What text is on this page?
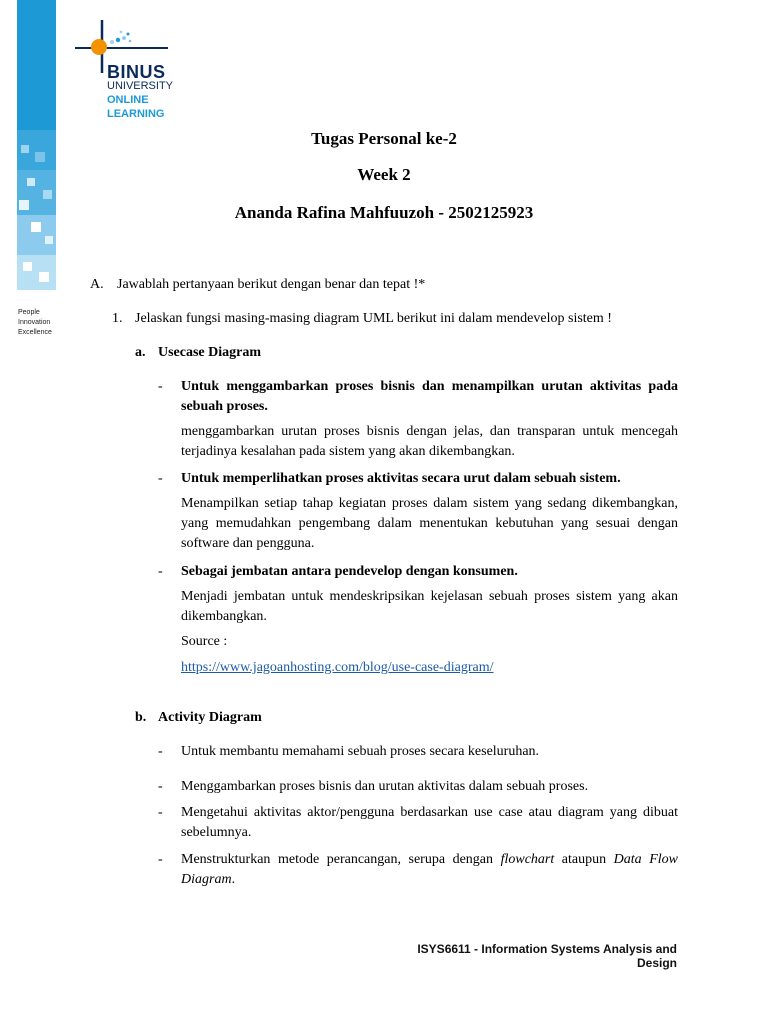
People
Innovation
Excellence
BINUS
UNIVERSITY
ONLINE
LEARNING
Tugas Personal ke-2
Week 2
Ananda Rafina Mahfuuzoh - 2502125923
A. Jawablah pertanyaan berikut dengan benar dan tepat !*
1. Jelaskan fungsi masing-masing diagram UML berikut ini dalam mendevelop sistem !
a. Usecase Diagram
- Untuk menggambarkan proses bisnis dan menampilkan urutan aktivitas pada sebuah proses.
menggambarkan urutan proses bisnis dengan jelas, dan transparan untuk mencegah terjadinya kesalahan pada sistem yang akan dikembangkan.
- Untuk memperlihatkan proses aktivitas secara urut dalam sebuah sistem.
Menampilkan setiap tahap kegiatan proses dalam sistem yang sedang dikembangkan, yang memudahkan pengembang dalam menentukan kebutuhan yang sesuai dengan software dan pengguna.
- Sebagai jembatan antara pendevelop dengan konsumen.
Menjadi jembatan untuk mendeskripsikan kejelasan sebuah proses sistem yang akan dikembangkan.
Source :
https://www.jagoanhosting.com/blog/use-case-diagram/
b. Activity Diagram
- Untuk membantu memahami sebuah proses secara keseluruhan.
- Menggambarkan proses bisnis dan urutan aktivitas dalam sebuah proses.
- Mengetahui aktivitas aktor/pengguna berdasarkan use case atau diagram yang dibuat sebelumnya.
- Menstrukturkan metode perancangan, serupa dengan flowchart ataupun Data Flow Diagram.
ISYS6611 - Information Systems Analysis and Design
